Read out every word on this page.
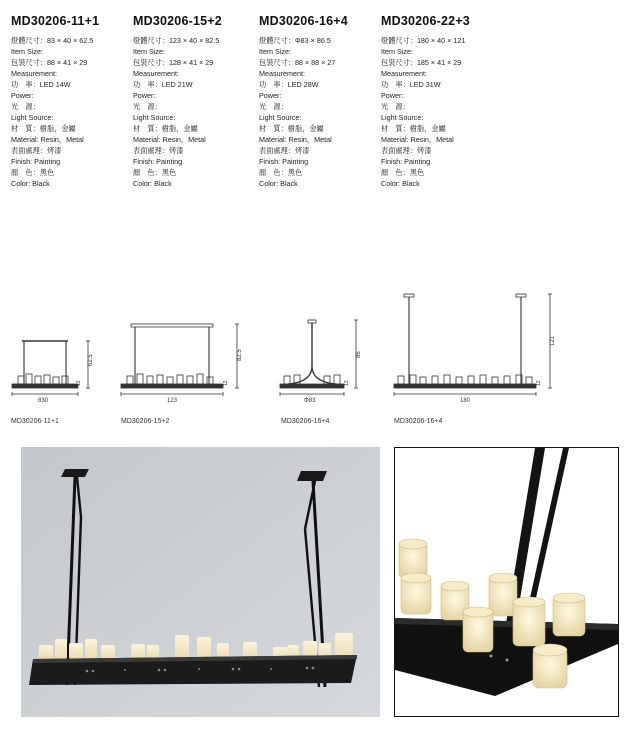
MD30206-11+1
燈體尺寸：83 × 40 × 62.5
Item Size:
包裝尺寸：88 × 41 × 29
Measurement:
功　率：LED 14W
Power:
光　源：
Light Source:
材　質：樹脂，金屬
Material: Resin，Metal
表面處理：烤漆
Finish: Painting
顏　色：黑色
Color: Black
MD30206-15+2
燈體尺寸：123 × 40 × 82.5
Item Size:
包裝尺寸：128 × 41 × 29
Measurement:
功　率：LED 21W
Power:
光　源：
Light Source:
材　質：樹脂，金屬
Material: Resin，Metal
表面處理：烤漆
Finish: Painting
顏　色：黑色
Color: Black
MD30206-16+4
燈體尺寸：Φ83 × 86.5
Item Size:
包裝尺寸：88 × 88 × 27
Measurement:
功　率：LED 28W
Power:
光　源：
Light Source:
材　質：樹脂，金屬
Material: Resin，Metal
表面處理：烤漆
Finish: Painting
顏　色：黑色
Color: Black
MD30206-22+3
燈體尺寸：180 × 40 × 121
Item Size:
包裝尺寸：185 × 41 × 29
Measurement:
功　率：LED 31W
Power:
光　源：
Light Source:
材　質：樹脂，金屬
Material: Resin，Metal
表面處理：烤漆
Finish: Painting
顏　色：黑色
Color: Black
830
62.5
12
MD30206-11+1
123
82.5
12
MD30206-15+2
Φ83
86
13
MD30206-16+4
180
121
12
MD30206-16+4
